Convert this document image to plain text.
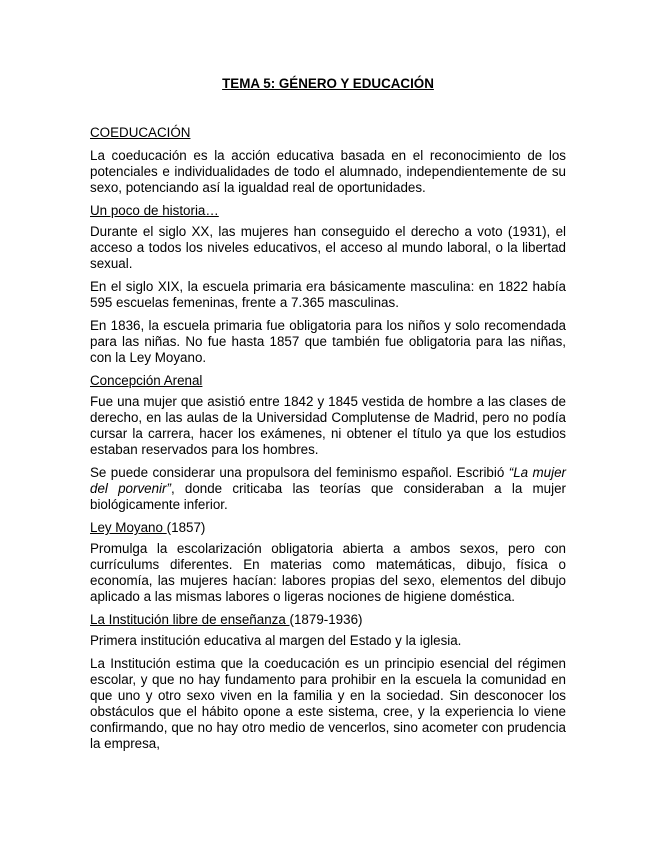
TEMA 5: GÉNERO Y EDUCACIÓN
COEDUCACIÓN

La coeducación es la acción educativa basada en el reconocimiento de los potenciales e individualidades de todo el alumnado, independientemente de su sexo, potenciando así la igualdad real de oportunidades.

Un poco de historia…

Durante el siglo XX, las mujeres han conseguido el derecho a voto (1931), el acceso a todos los niveles educativos, el acceso al mundo laboral, o la libertad sexual.

En el siglo XIX, la escuela primaria era básicamente masculina: en 1822 había 595 escuelas femeninas, frente a 7.365 masculinas.

En 1836, la escuela primaria fue obligatoria para los niños y solo recomendada para las niñas. No fue hasta 1857 que también fue obligatoria para las niñas, con la Ley Moyano.

Concepción Arenal

Fue una mujer que asistió entre 1842 y 1845 vestida de hombre a las clases de derecho, en las aulas de la Universidad Complutense de Madrid, pero no podía cursar la carrera, hacer los exámenes, ni obtener el título ya que los estudios estaban reservados para los hombres.

Se puede considerar una propulsora del feminismo español. Escribió “La mujer del porvenir”, donde criticaba las teorías que consideraban a la mujer biológicamente inferior.

Ley Moyano (1857)

Promulga la escolarización obligatoria abierta a ambos sexos, pero con currículums diferentes. En materias como matemáticas, dibujo, física o economía, las mujeres hacían: labores propias del sexo, elementos del dibujo aplicado a las mismas labores o ligeras nociones de higiene doméstica.

La Institución libre de enseñanza (1879-1936)

Primera institución educativa al margen del Estado y la iglesia.

La Institución estima que la coeducación es un principio esencial del régimen escolar, y que no hay fundamento para prohibir en la escuela la comunidad en que uno y otro sexo viven en la familia y en la sociedad. Sin desconocer los obstáculos que el hábito opone a este sistema, cree, y la experiencia lo viene confirmando, que no hay otro medio de vencerlos, sino acometer con prudencia la empresa,
